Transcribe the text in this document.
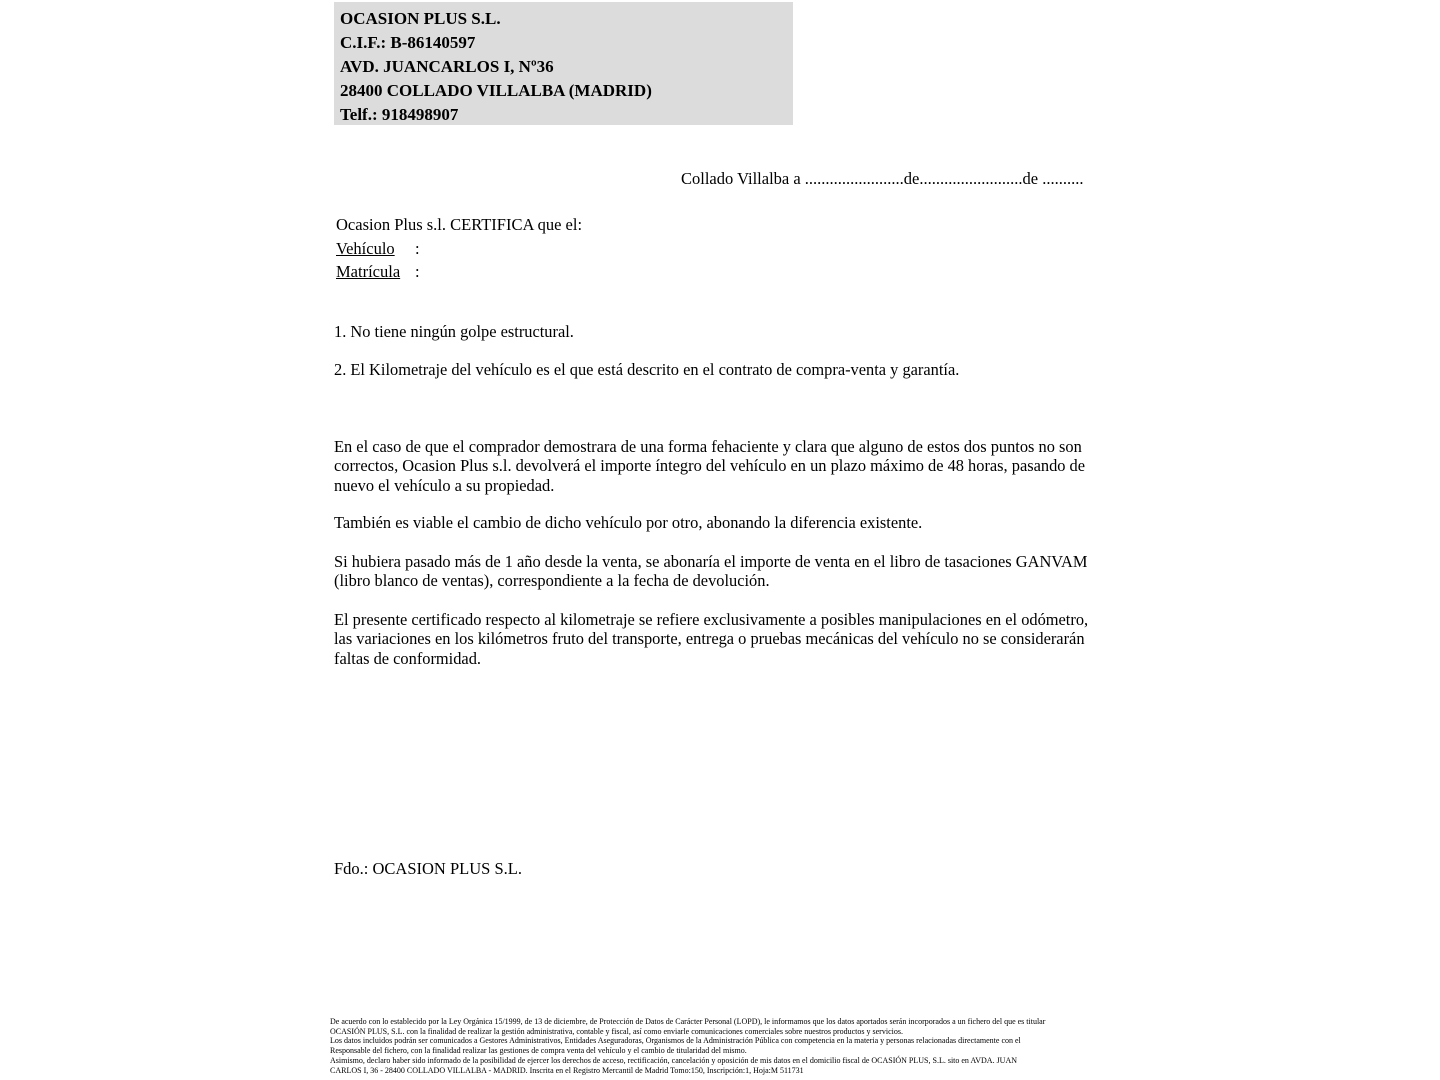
OCASION PLUS S.L.
C.I.F.: B-86140597
AVD. JUANCARLOS I, Nº36
28400 COLLADO VILLALBA (MADRID)
Telf.: 918498907
Collado Villalba a ........................de.........................de ..........
Ocasion Plus s.l. CERTIFICA que el:
Vehículo :
Matrícula :
1. No tiene ningún golpe estructural.
2. El Kilometraje del vehículo es el que está descrito en el contrato de compra-venta y garantía.
En el caso de que el comprador demostrara de una forma fehaciente y clara que alguno de estos dos puntos no son correctos, Ocasion Plus s.l. devolverá el importe íntegro del vehículo en un plazo máximo de 48 horas, pasando de nuevo el vehículo a su propiedad.
También es viable el cambio de dicho vehículo por otro, abonando la diferencia existente.
Si hubiera pasado más de 1 año desde la venta, se abonaría el importe de venta en el libro de tasaciones GANVAM (libro blanco de ventas), correspondiente a la fecha de devolución.
El presente certificado respecto al kilometraje se refiere exclusivamente a posibles manipulaciones en el odómetro, las variaciones en los kilómetros fruto del transporte, entrega o pruebas mecánicas del vehículo no se considerarán faltas de conformidad.
Fdo.: OCASION PLUS S.L.
De acuerdo con lo establecido por la Ley Orgánica 15/1999, de 13 de diciembre, de Protección de Datos de Carácter Personal (LOPD), le informamos que los datos aportados serán incorporados a un fichero del que es titular
OCASIÓN PLUS, S.L. con la finalidad de realizar la gestión administrativa, contable y fiscal, así como enviarle comunicaciones comerciales sobre nuestros productos y servicios.
Los datos incluidos podrán ser comunicados a Gestores Administrativos, Entidades Aseguradoras, Organismos de la Administración Pública con competencia en la materia y personas relacionadas directamente con el
Responsable del fichero, con la finalidad realizar las gestiones de compra venta del vehículo y el cambio de titularidad del mismo.
Asimismo, declaro haber sido informado de la posibilidad de ejercer los derechos de acceso, rectificación, cancelación y oposición de mis datos en el domicilio fiscal de OCASIÓN PLUS, S.L. sito en AVDA. JUAN
CARLOS I, 36 - 28400 COLLADO VILLALBA - MADRID. Inscrita en el Registro Mercantil de Madrid Tomo:150, Inscripción:1, Hoja:M 511731
